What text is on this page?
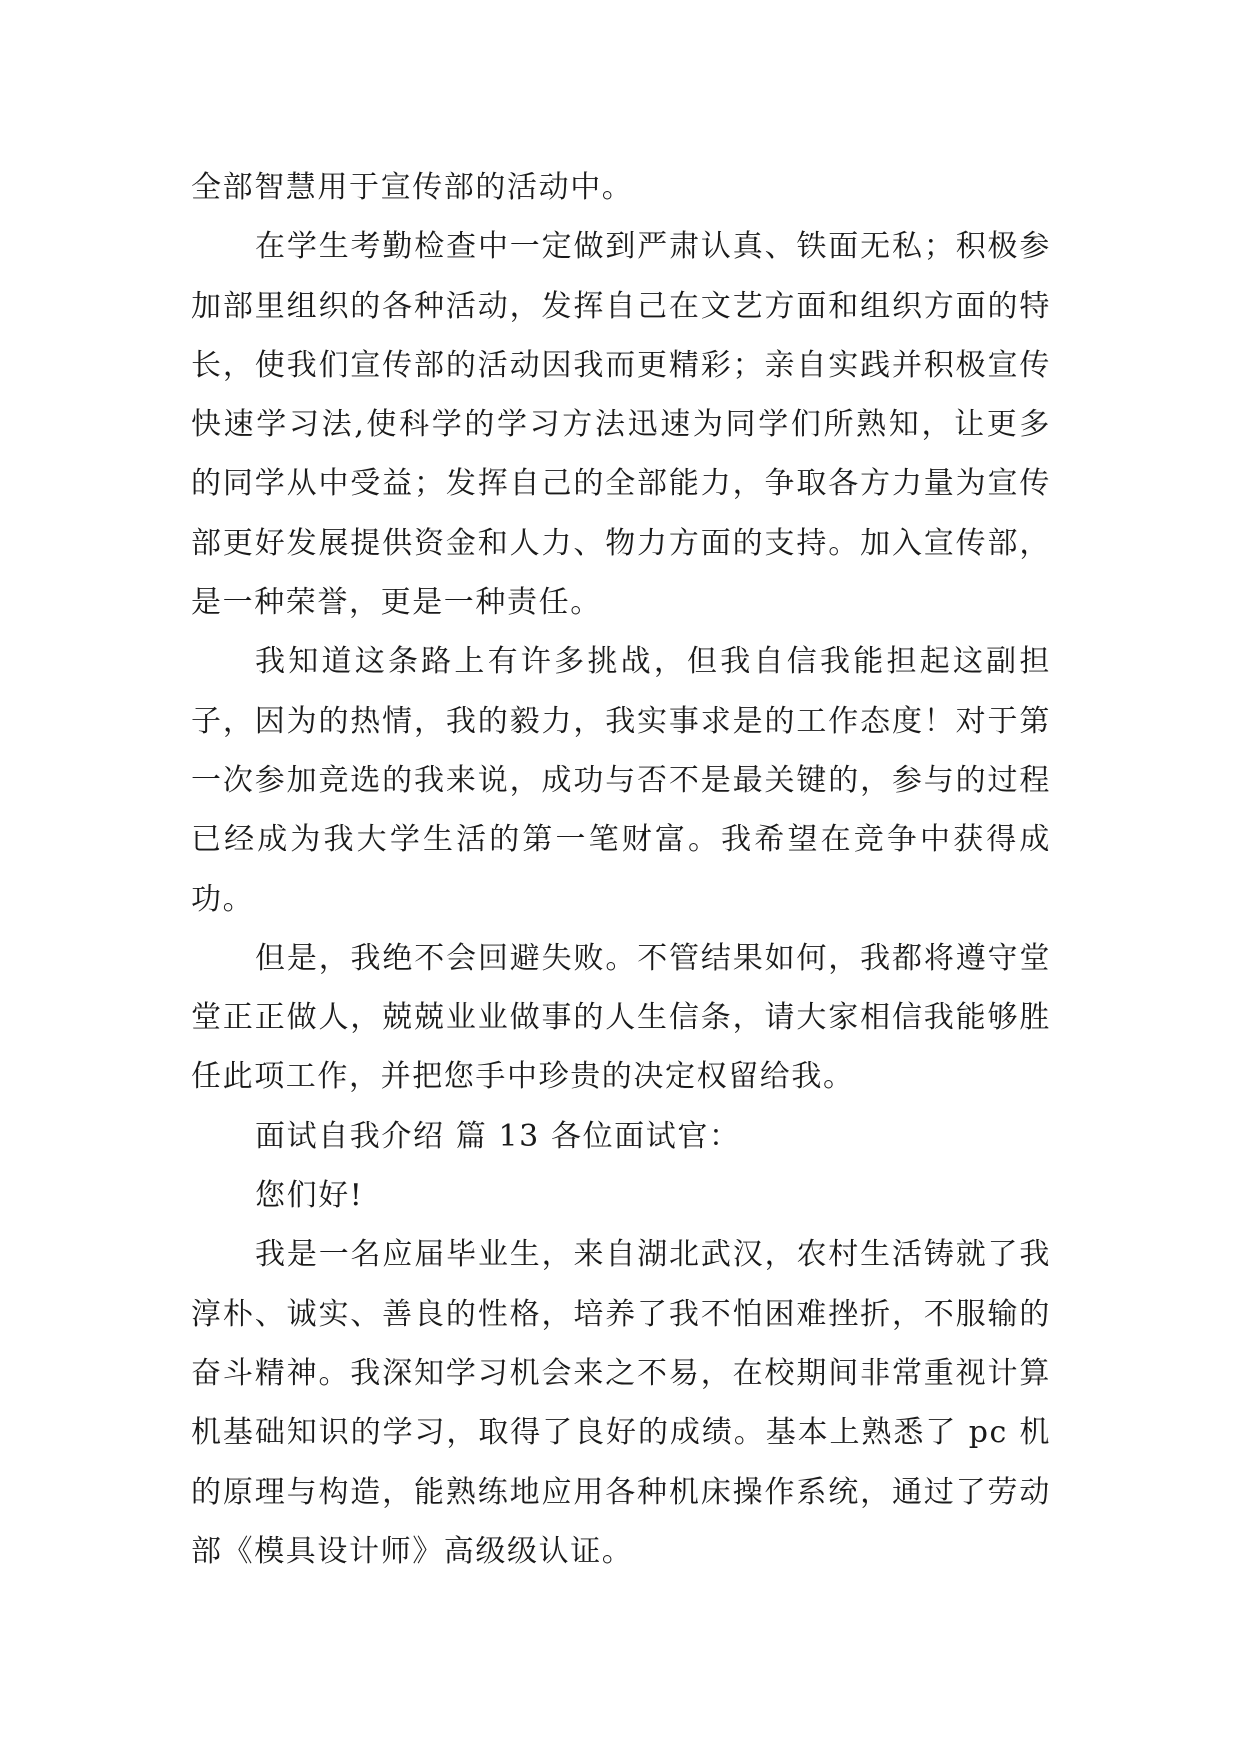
全部智慧用于宣传部的活动中。

在学生考勤检查中一定做到严肃认真、铁面无私；积极参加部里组织的各种活动，发挥自己在文艺方面和组织方面的特长，使我们宣传部的活动因我而更精彩；亲自实践并积极宣传快速学习法,使科学的学习方法迅速为同学们所熟知，让更多的同学从中受益；发挥自己的全部能力，争取各方力量为宣传部更好发展提供资金和人力、物力方面的支持。加入宣传部，是一种荣誉，更是一种责任。

我知道这条路上有许多挑战，但我自信我能担起这副担子，因为的热情，我的毅力，我实事求是的工作态度！对于第一次参加竞选的我来说，成功与否不是最关键的，参与的过程已经成为我大学生活的第一笔财富。我希望在竞争中获得成功。

但是，我绝不会回避失败。不管结果如何，我都将遵守堂堂正正做人，兢兢业业做事的人生信条，请大家相信我能够胜任此项工作，并把您手中珍贵的决定权留给我。

面试自我介绍 篇 13 各位面试官：

您们好!

我是一名应届毕业生，来自湖北武汉，农村生活铸就了我淳朴、诚实、善良的性格，培养了我不怕困难挫折，不服输的奋斗精神。我深知学习机会来之不易，在校期间非常重视计算机基础知识的学习，取得了良好的成绩。基本上熟悉了 pc 机的原理与构造，能熟练地应用各种机床操作系统，通过了劳动部《模具设计师》高级级认证。
